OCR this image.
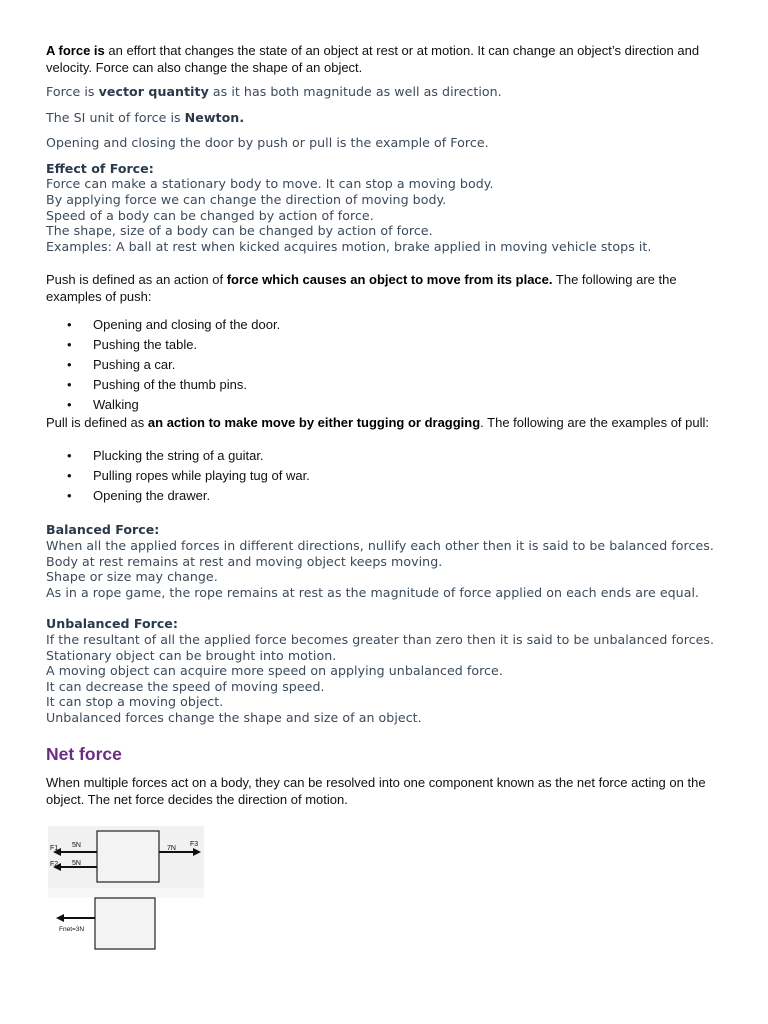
A force is an effort that changes the state of an object at rest or at motion. It can change an object’s direction and velocity. Force can also change the shape of an object.

Force is vector quantity as it has both magnitude as well as direction.

The SI unit of force is Newton.

Opening and closing the door by push or pull is the example of Force.

Effect of Force:

Force can make a stationary body to move. It can stop a moving body.
By applying force we can change the direction of moving body.
Speed of a body can be changed by action of force.
The shape, size of a body can be changed by action of force.
Examples: A ball at rest when kicked acquires motion, brake applied in moving vehicle stops it.

Push is defined as an action of force which causes an object to move from its place. The following are the examples of push:

• Opening and closing of the door.
• Pushing the table.
• Pushing a car.
• Pushing of the thumb pins.
• Walking

Pull is defined as an action to make move by either tugging or dragging. The following are the examples of pull:

• Plucking the string of a guitar.
• Pulling ropes while playing tug of war.
• Opening the drawer.

Balanced Force:

When all the applied forces in different directions, nullify each other then it is said to be balanced forces.
Body at rest remains at rest and moving object keeps moving.
Shape or size may change.
As in a rope game, the rope remains at rest as the magnitude of force applied on each ends are equal.

Unbalanced Force:

If the resultant of all the applied force becomes greater than zero then it is said to be unbalanced forces.
Stationary object can be brought into motion.
A moving object can acquire more speed on applying unbalanced force.
It can decrease the speed of moving speed.
It can stop a moving object.
Unbalanced forces change the shape and size of an object.
Net force

When multiple forces act on a body, they can be resolved into one component known as the net force acting on the object. The net force decides the direction of motion.

F1 5N
F2 5N
7N
F3
Fnet=3N
